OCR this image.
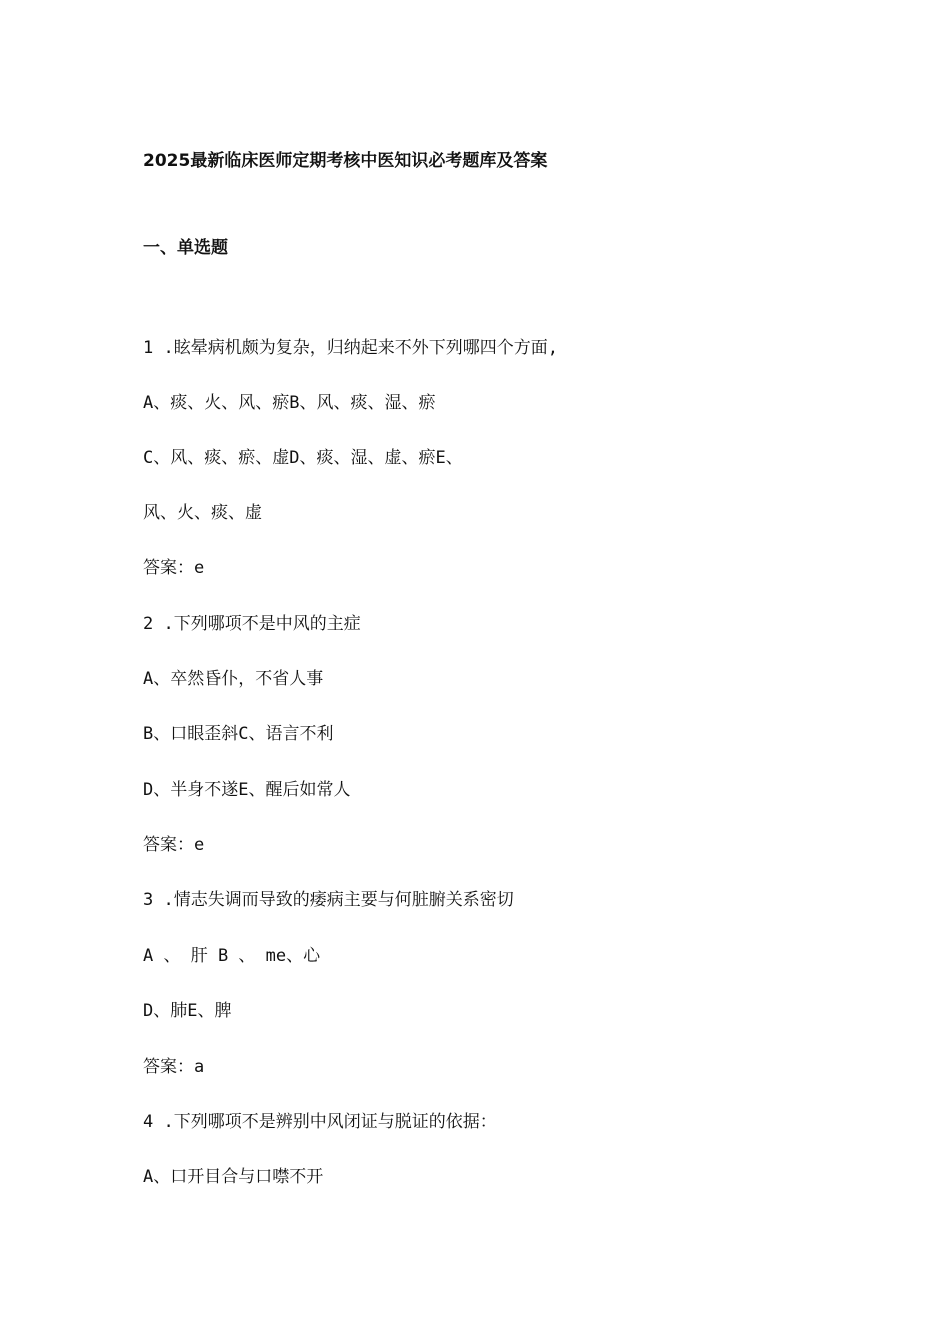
2025最新临床医师定期考核中医知识必考题库及答案
一、单选题
1 .眩晕病机颇为复杂，归纳起来不外下列哪四个方面,
A、痰、火、风、瘀B、风、痰、湿、瘀
C、风、痰、瘀、虚D、痰、湿、虚、瘀E、
风、火、痰、虚
答案：e
2 .下列哪项不是中风的主症
A、卒然昏仆，不省人事
B、口眼歪斜C、语言不利
D、半身不遂E、醒后如常人
答案：e
3 .情志失调而导致的痿病主要与何脏腑关系密切
A 、 肝 B 、 me、心
D、肺E、脾
答案：a
4 .下列哪项不是辨别中风闭证与脱证的依据：
A、口开目合与口噤不开
